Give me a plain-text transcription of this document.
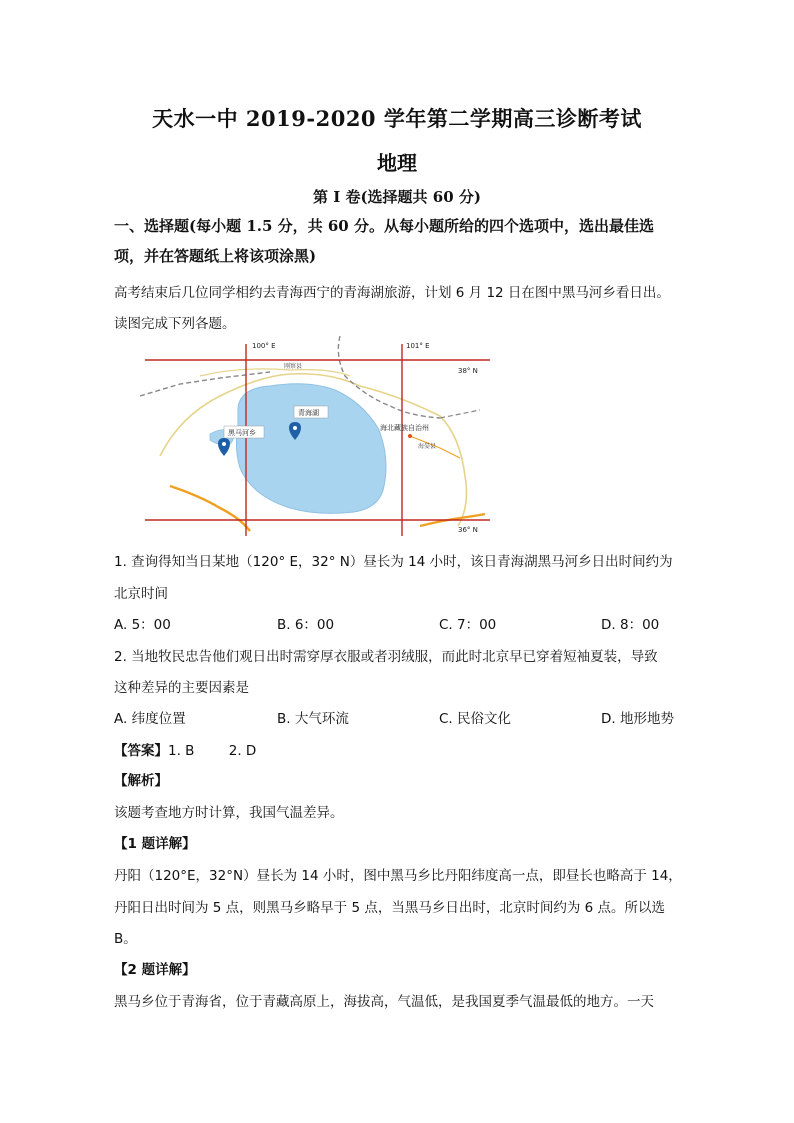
天水一中 2019-2020 学年第二学期高三诊断考试
地理
第 I 卷(选择题共 60 分)
一、选择题(每小题 1.5 分，共 60 分。从每小题所给的四个选项中，选出最佳选
项，并在答题纸上将该项涂黑)
高考结束后几位同学相约去青海西宁的青海湖旅游，计划 6 月 12 日在图中黑马河乡看日出。
读图完成下列各题。
100° E	101° E
38° N
36° N
刚察县
青海湖
黑马河乡
海北藏族自治州
海晏县
1. 查询得知当日某地（120° E，32° N）昼长为 14 小时，该日青海湖黑马河乡日出时间约为
北京时间
A. 5：00	B. 6：00	C. 7：00	D. 8：00
2. 当地牧民忠告他们观日出时需穿厚衣服或者羽绒服，而此时北京早已穿着短袖夏装，导致
这种差异的主要因素是
A. 纬度位置	B. 大气环流	C. 民俗文化	D. 地形地势
【答案】1. B        2. D
【解析】
该题考查地方时计算，我国气温差异。
【1 题详解】
丹阳（120°E，32°N）昼长为 14 小时，图中黑马乡比丹阳纬度高一点，即昼长也略高于 14，
丹阳日出时间为 5 点，则黑马乡略早于 5 点，当黑马乡日出时，北京时间约为 6 点。所以选
B。
【2 题详解】
黑马乡位于青海省，位于青藏高原上，海拔高，气温低，是我国夏季气温最低的地方。一天
